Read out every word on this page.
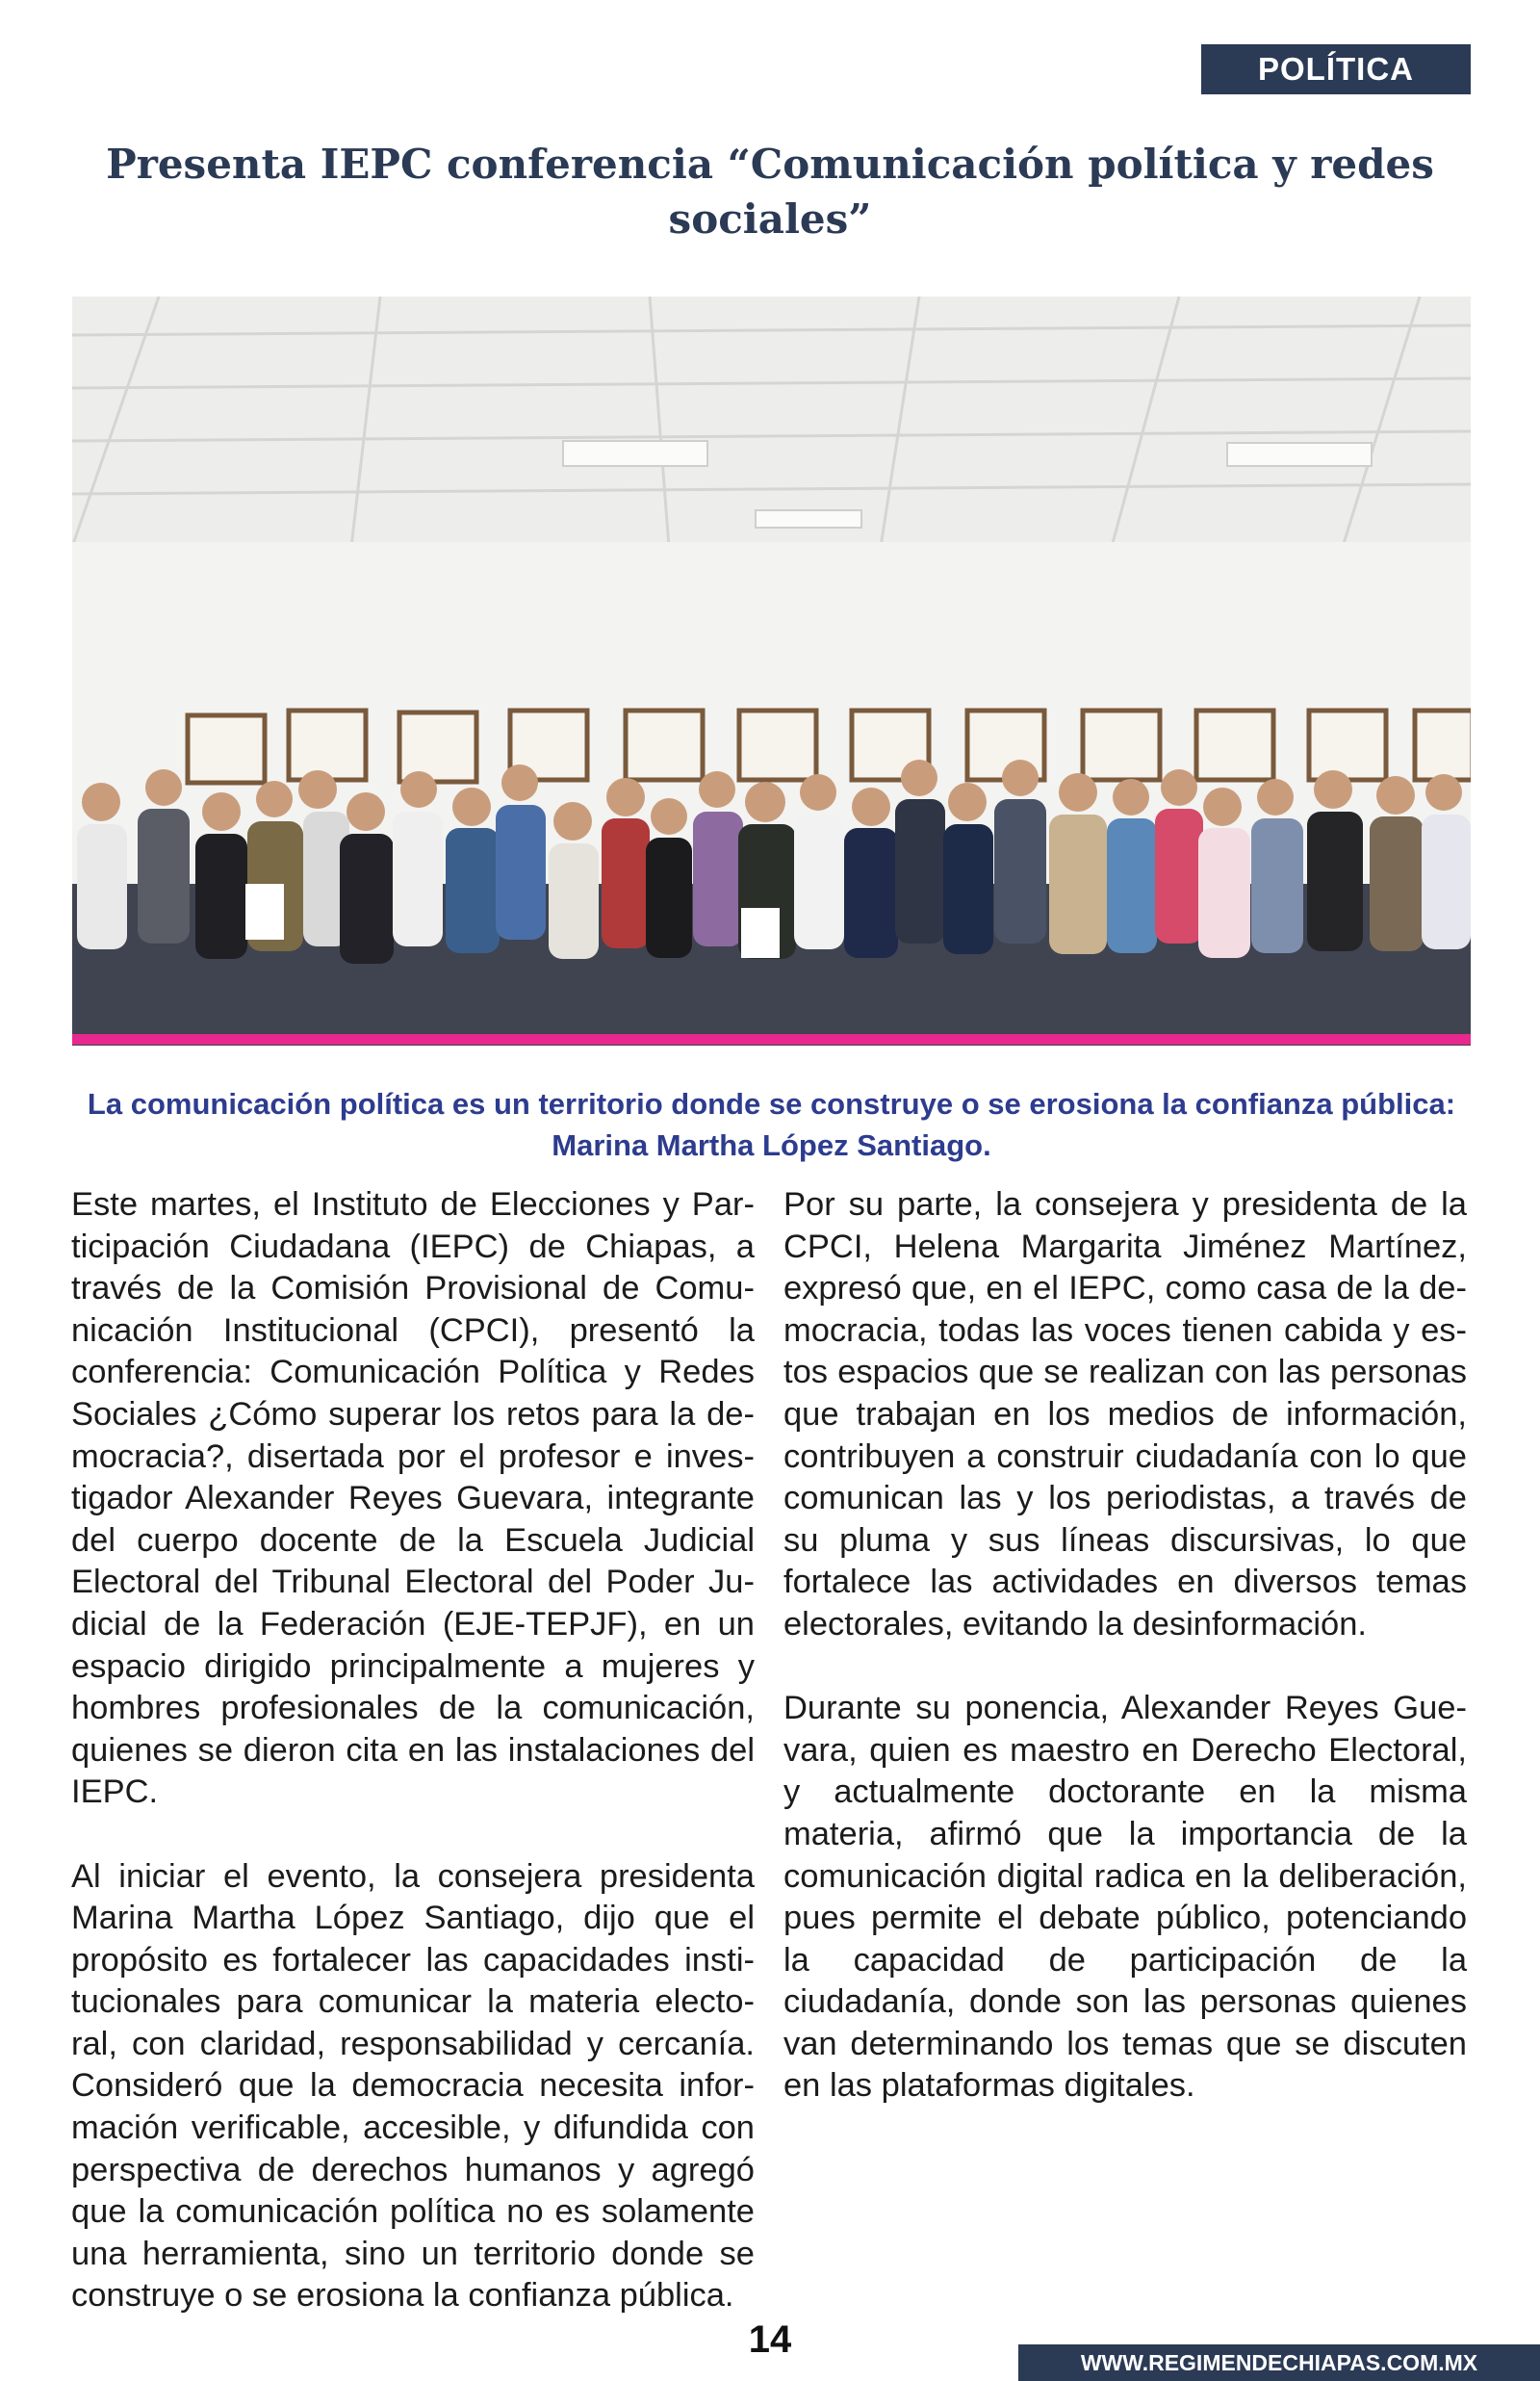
POLÍTICA
Presenta IEPC conferencia “Comunicación política y redes sociales”

La comunicación política es un territorio donde se construye o se erosiona la confianza pública: Marina Martha López Santiago.

Este martes, el Instituto de Elecciones y Participación Ciudadana (IEPC) de Chiapas, a través de la Comisión Provisional de Comunicación Institucional (CPCI), presentó la conferencia: Comunicación Política y Redes Sociales ¿Cómo superar los retos para la democracia?, disertada por el profesor e investigador Alexander Reyes Guevara, integrante del cuerpo docente de la Escuela Judicial Electoral del Tribunal Electoral del Poder Judicial de la Federación (EJE-TEPJF), en un espacio dirigido principalmente a mujeres y hombres profesionales de la comunicación, quienes se dieron cita en las instalaciones del IEPC.

Al iniciar el evento, la consejera presidenta Marina Martha López Santiago, dijo que el propósito es fortalecer las capacidades institucionales para comunicar la materia electoral, con claridad, responsabilidad y cercanía. Consideró que la democracia necesita información verificable, accesible, y difundida con perspectiva de derechos humanos y agregó que la comunicación política no es solamente una herramienta, sino un territorio donde se construye o se erosiona la confianza pública.

Por su parte, la consejera y presidenta de la CPCI, Helena Margarita Jiménez Martínez, expresó que, en el IEPC, como casa de la democracia, todas las voces tienen cabida y estos espacios que se realizan con las personas que trabajan en los medios de información, contribuyen a construir ciudadanía con lo que comunican las y los periodistas, a través de su pluma y sus líneas discursivas, lo que fortalece las actividades en diversos temas electorales, evitando la desinformación.

Durante su ponencia, Alexander Reyes Guevara, quien es maestro en Derecho Electoral, y actualmente doctorante en la misma materia, afirmó que la importancia de la comunicación digital radica en la deliberación, pues permite el debate público, potenciando la capacidad de participación de la ciudadanía, donde son las personas quienes van determinando los temas que se discuten en las plataformas digitales.

14
WWW.REGIMENDECHIAPAS.COM.MX
